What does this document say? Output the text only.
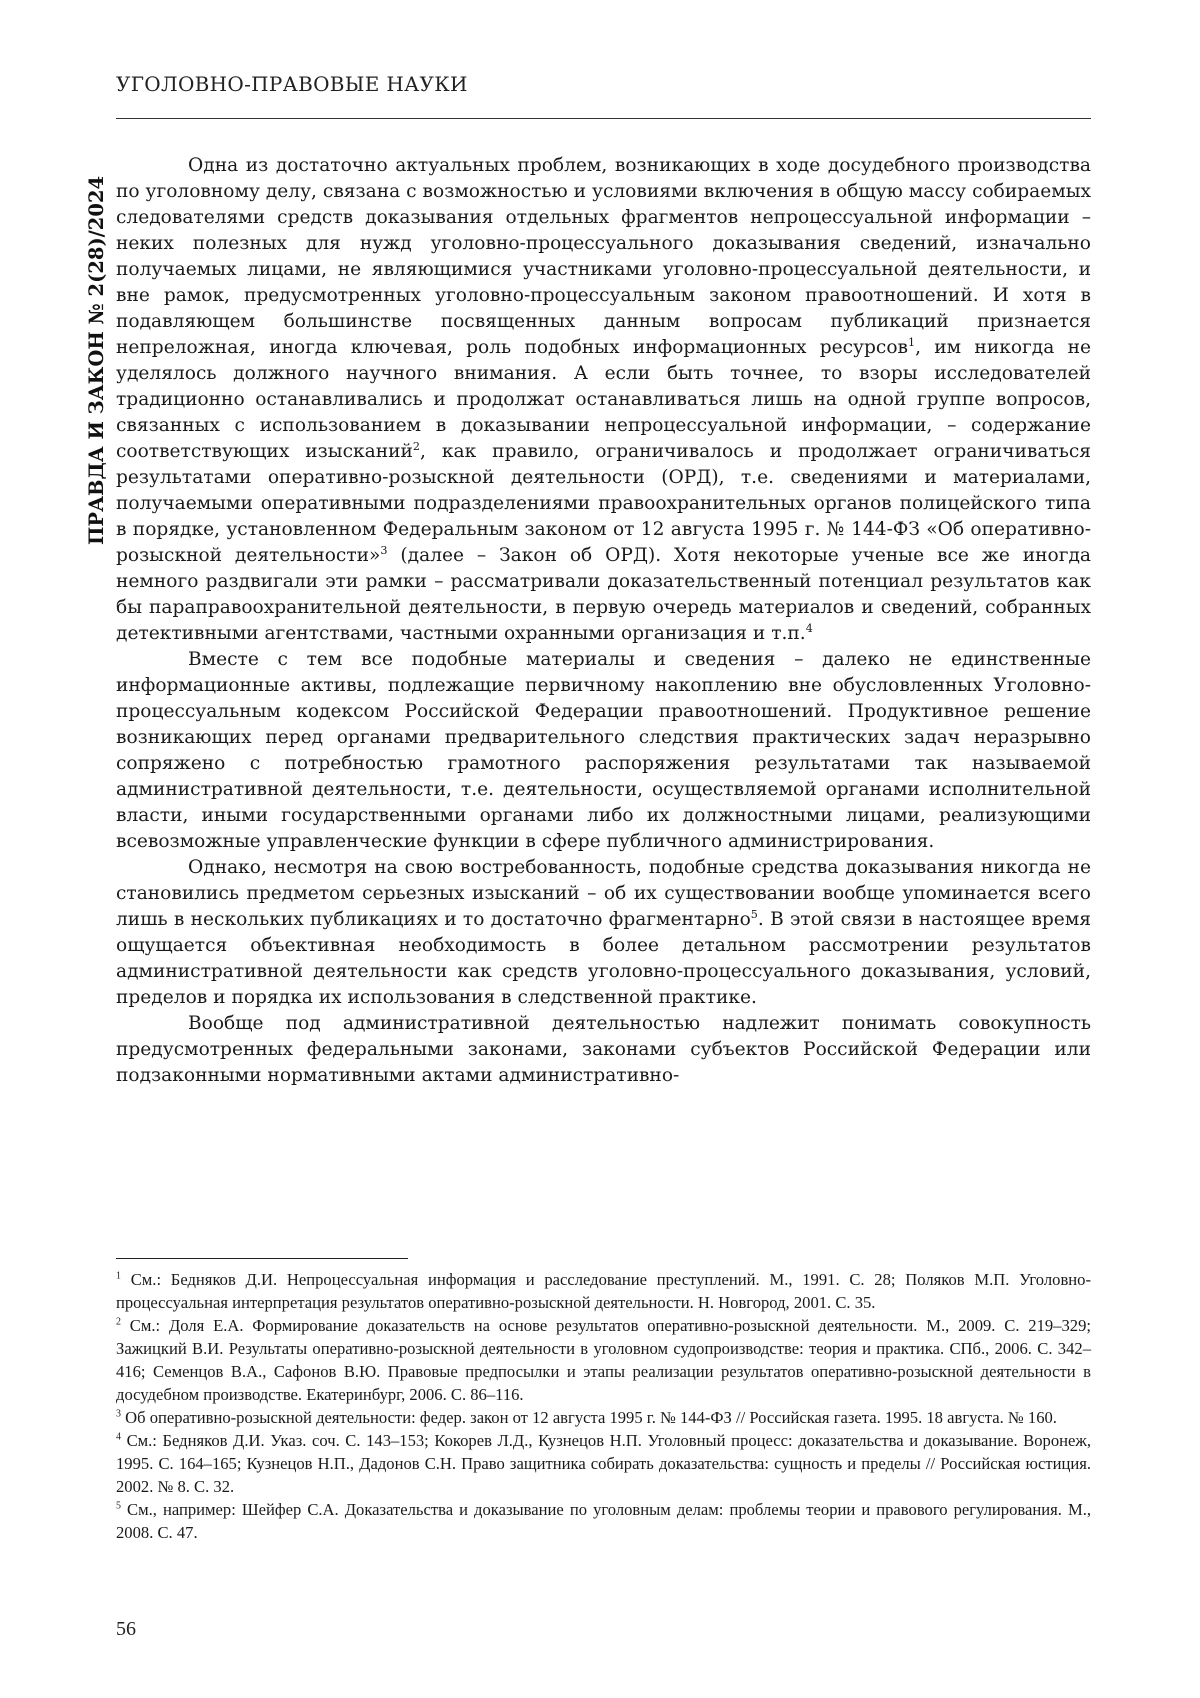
УГОЛОВНО-ПРАВОВЫЕ НАУКИ
ПРАВДА И ЗАКОН № 2(28)/2024

Одна из достаточно актуальных проблем, возникающих в ходе досудебного производства по уголовному делу, связана с возможностью и условиями включения в общую массу собираемых следователями средств доказывания отдельных фрагментов непроцессуальной информации – неких полезных для нужд уголовно-процессуального доказывания сведений, изначально получаемых лицами, не являющимися участниками уголовно-процессуальной деятельности, и вне рамок, предусмотренных уголовно-процессуальным законом правоотношений. И хотя в подавляющем большинстве посвященных данным вопросам публикаций признается непреложная, иногда ключевая, роль подобных информационных ресурсов$^1$, им никогда не уделялось должного научного внимания. А если быть точнее, то взоры исследователей традиционно останавливались и продолжат останавливаться лишь на одной группе вопросов, связанных с использованием в доказывании непроцессуальной информации, – содержание соответствующих изысканий$^2$, как правило, ограничивалось и продолжает ограничиваться результатами оперативно-розыскной деятельности (ОРД), т.е. сведениями и материалами, получаемыми оперативными подразделениями правоохранительных органов полицейского типа в порядке, установленном Федеральным законом от 12 августа 1995 г. № 144-ФЗ «Об оперативно-розыскной деятельности»$^3$ (далее – Закон об ОРД). Хотя некоторые ученые все же иногда немного раздвигали эти рамки – рассматривали доказательственный потенциал результатов как бы параправоохранительной деятельности, в первую очередь материалов и сведений, собранных детективными агентствами, частными охранными организация и т.п.$^4$

Вместе с тем все подобные материалы и сведения – далеко не единственные информационные активы, подлежащие первичному накоплению вне обусловленных Уголовно-процессуальным кодексом Российской Федерации правоотношений. Продуктивное решение возникающих перед органами предварительного следствия практических задач неразрывно сопряжено с потребностью грамотного распоряжения результатами так называемой административной деятельности, т.е. деятельности, осуществляемой органами исполнительной власти, иными государственными органами либо их должностными лицами, реализующими всевозможные управленческие функции в сфере публичного администрирования.

Однако, несмотря на свою востребованность, подобные средства доказывания никогда не становились предметом серьезных изысканий – об их существовании вообще упоминается всего лишь в нескольких публикациях и то достаточно фрагментарно$^5$. В этой связи в настоящее время ощущается объективная необходимость в более детальном рассмотрении результатов административной деятельности как средств уголовно-процессуального доказывания, условий, пределов и порядка их использования в следственной практике.

Вообще под административной деятельностью надлежит понимать совокупность предусмотренных федеральными законами, законами субъектов Российской Федерации или подзаконными нормативными актами административно-

$^1$ См.: Бедняков Д.И. Непроцессуальная информация и расследование преступлений. М., 1991. С. 28; Поляков М.П. Уголовно-процессуальная интерпретация результатов оперативно-розыскной деятельности. Н. Новгород, 2001. С. 35.

$^2$ См.: Доля Е.А. Формирование доказательств на основе результатов оперативно-розыскной деятельности. М., 2009. С. 219–329; Зажицкий В.И. Результаты оперативно-розыскной деятельности в уголовном судопроизводстве: теория и практика. СПб., 2006. С. 342–416; Семенцов В.А., Сафонов В.Ю. Правовые предпосылки и этапы реализации результатов оперативно-розыскной деятельности в досудебном производстве. Екатеринбург, 2006. С. 86–116.

$^3$ Об оперативно-розыскной деятельности: федер. закон от 12 августа 1995 г. № 144-ФЗ // Российская газета. 1995. 18 августа. № 160.

$^4$ См.: Бедняков Д.И. Указ. соч. С. 143–153; Кокорев Л.Д., Кузнецов Н.П. Уголовный процесс: доказательства и доказывание. Воронеж, 1995. С. 164–165; Кузнецов Н.П., Дадонов С.Н. Право защитника собирать доказательства: сущность и пределы // Российская юстиция. 2002. № 8. С. 32.

$^5$ См., например: Шейфер С.А. Доказательства и доказывание по уголовным делам: проблемы теории и правового регулирования. М., 2008. С. 47.

56
